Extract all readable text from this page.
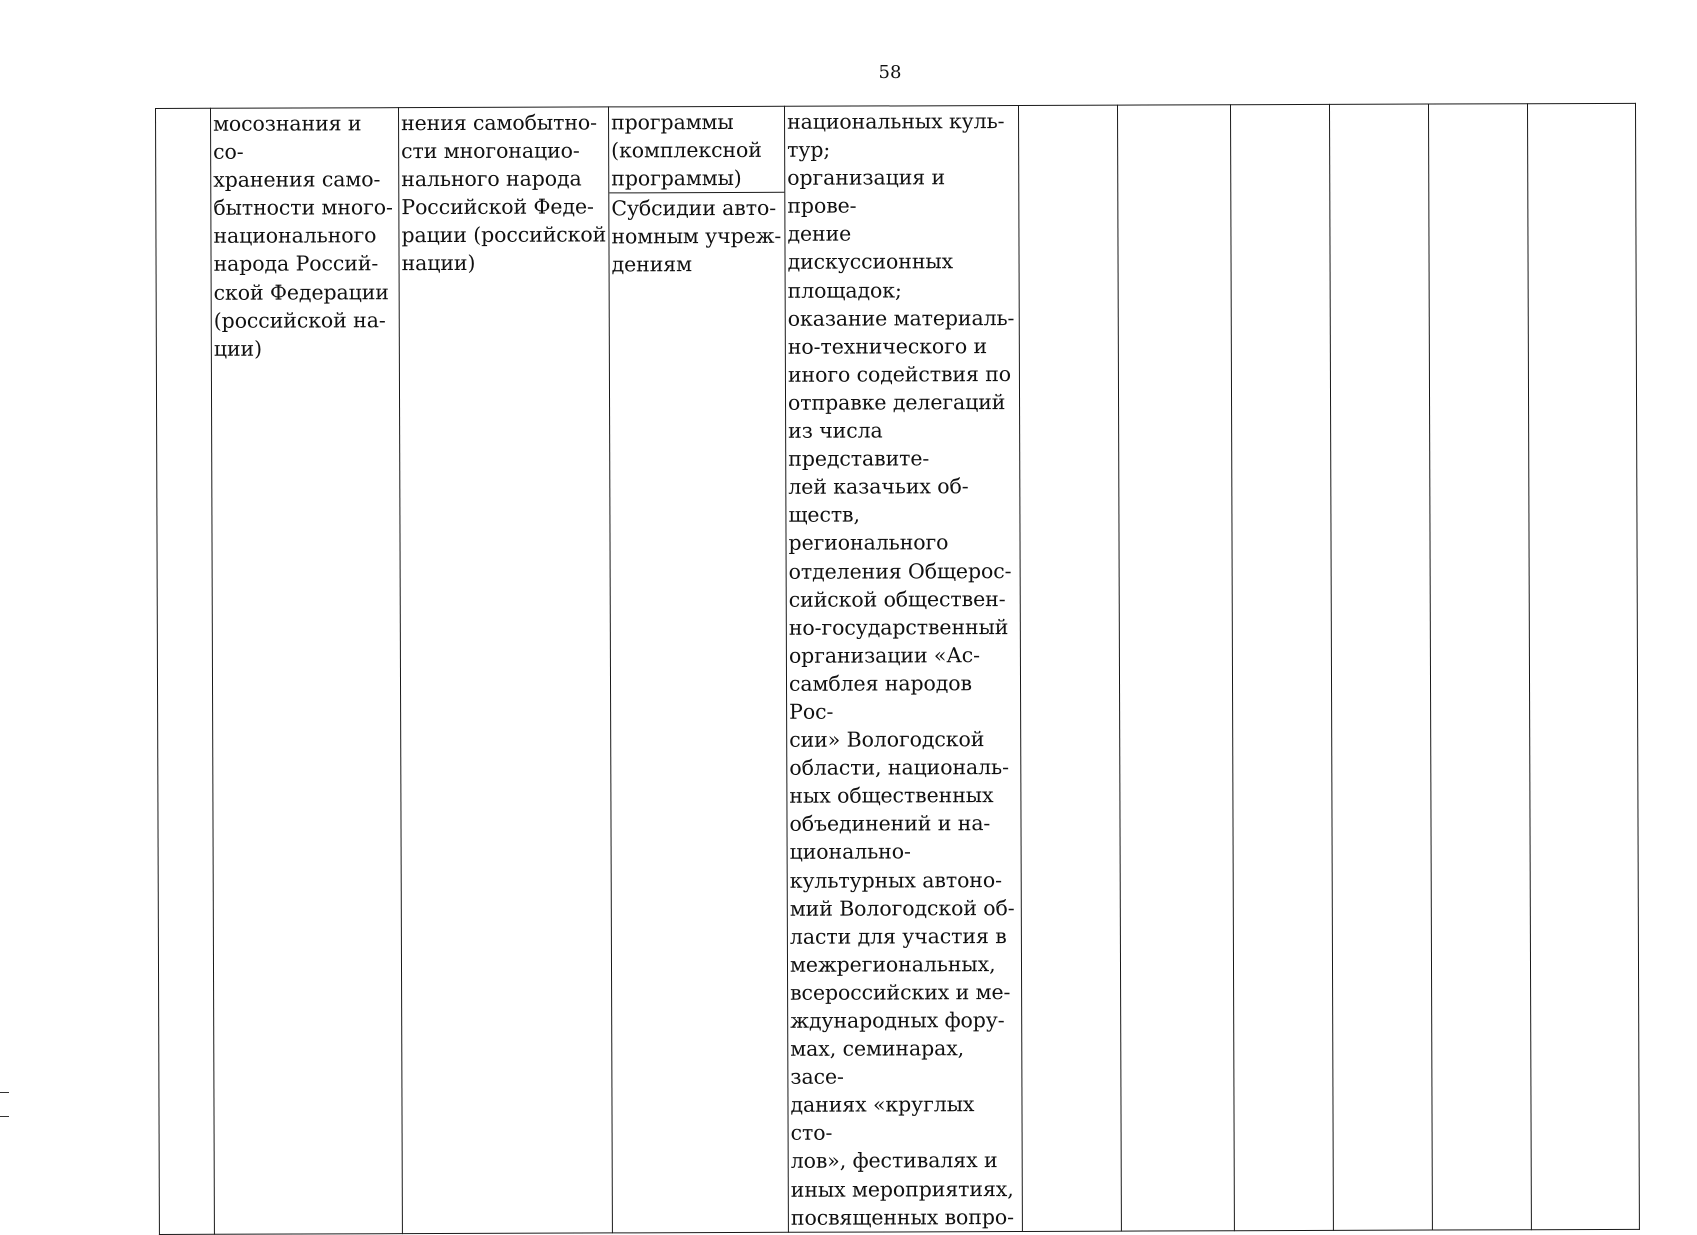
58

мосознания и со-
хранения само-
бытности много-
национального
народа Россий-
ской Федерации
(российской на-
ции)

нения самобытно-
сти многонацио-
нального народа
Российской Феде-
рации (российской
нации)

программы
(комплексной
программы)

Субсидии авто-
номным учреж-
дениям

национальных куль-
тур;
организация и прове-
дение дискуссионных
площадок;
оказание материаль-
но-технического и
иного содействия по
отправке делегаций
из числа представите-
лей казачьих об-
ществ, регионального
отделения Общерос-
сийской обществен-
но-государственный
организации «Ас-
самблея народов Рос-
сии» Вологодской
области, националь-
ных общественных
объединений и на-
ционально-
культурных автоно-
мий Вологодской об-
ласти для участия в
межрегиональных,
всероссийских и ме-
ждународных фору-
мах, семинарах, засе-
даниях «круглых сто-
лов», фестивалях и
иных мероприятиях,
посвященных вопро-
